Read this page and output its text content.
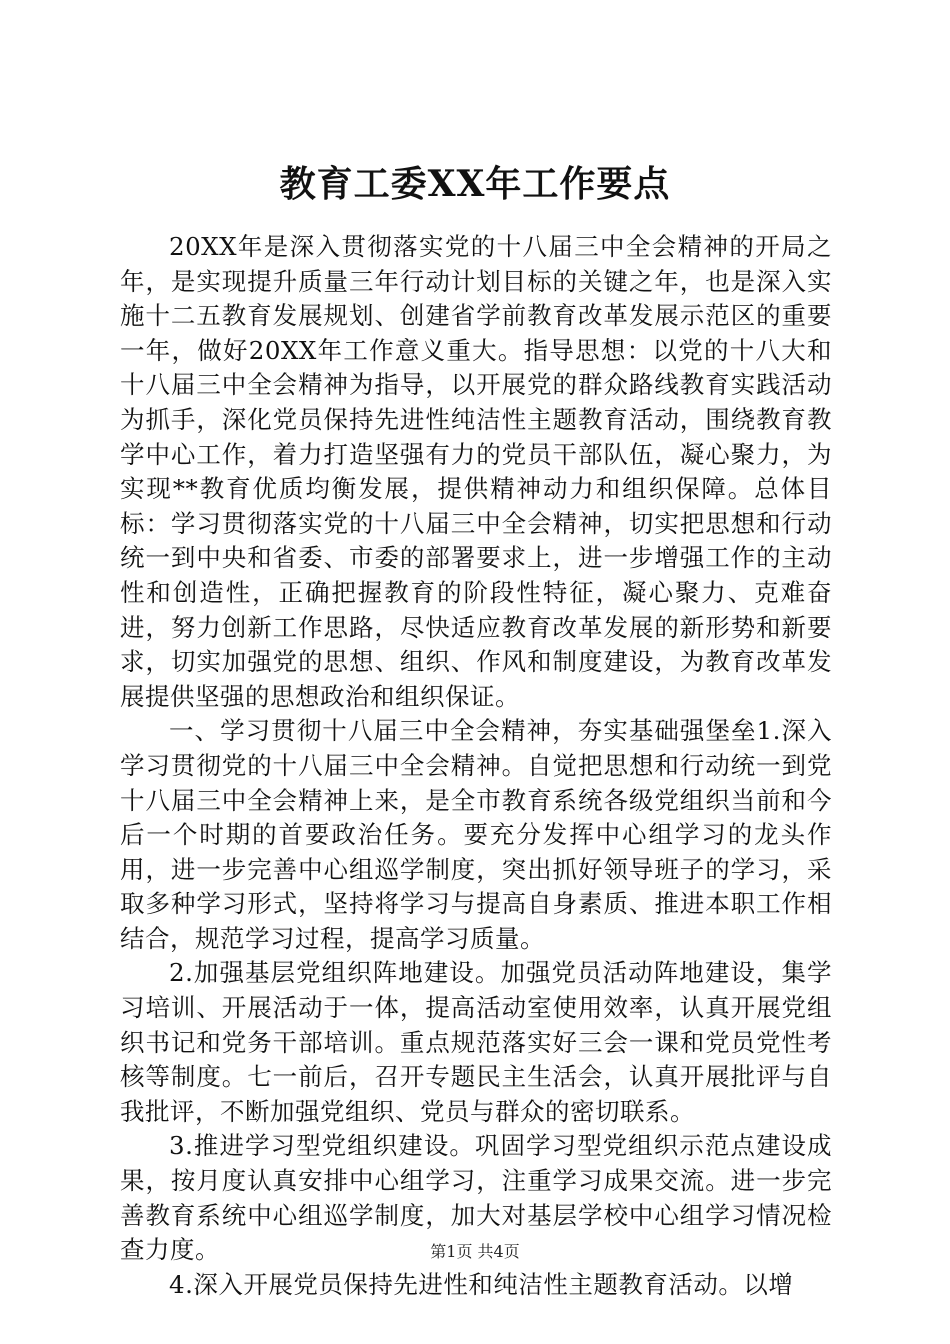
教育工委XX年工作要点

20XX年是深入贯彻落实党的十八届三中全会精神的开局之年，是实现提升质量三年行动计划目标的关键之年，也是深入实施十二五教育发展规划、创建省学前教育改革发展示范区的重要一年，做好20XX年工作意义重大。指导思想：以党的十八大和十八届三中全会精神为指导，以开展党的群众路线教育实践活动为抓手，深化党员保持先进性纯洁性主题教育活动，围绕教育教学中心工作，着力打造坚强有力的党员干部队伍，凝心聚力，为实现**教育优质均衡发展，提供精神动力和组织保障。总体目标：学习贯彻落实党的十八届三中全会精神，切实把思想和行动统一到中央和省委、市委的部署要求上，进一步增强工作的主动性和创造性，正确把握教育的阶段性特征，凝心聚力、克难奋进，努力创新工作思路，尽快适应教育改革发展的新形势和新要求，切实加强党的思想、组织、作风和制度建设，为教育改革发展提供坚强的思想政治和组织保证。

一、学习贯彻十八届三中全会精神，夯实基础强堡垒1.深入学习贯彻党的十八届三中全会精神。自觉把思想和行动统一到党十八届三中全会精神上来，是全市教育系统各级党组织当前和今后一个时期的首要政治任务。要充分发挥中心组学习的龙头作用，进一步完善中心组巡学制度，突出抓好领导班子的学习，采取多种学习形式，坚持将学习与提高自身素质、推进本职工作相结合，规范学习过程，提高学习质量。

2.加强基层党组织阵地建设。加强党员活动阵地建设，集学习培训、开展活动于一体，提高活动室使用效率，认真开展党组织书记和党务干部培训。重点规范落实好三会一课和党员党性考核等制度。七一前后，召开专题民主生活会，认真开展批评与自我批评，不断加强党组织、党员与群众的密切联系。

3.推进学习型党组织建设。巩固学习型党组织示范点建设成果，按月度认真安排中心组学习，注重学习成果交流。进一步完善教育系统中心组巡学制度，加大对基层学校中心组学习情况检查力度。

4.深入开展党员保持先进性和纯洁性主题教育活动。以增

第1页 共4页
